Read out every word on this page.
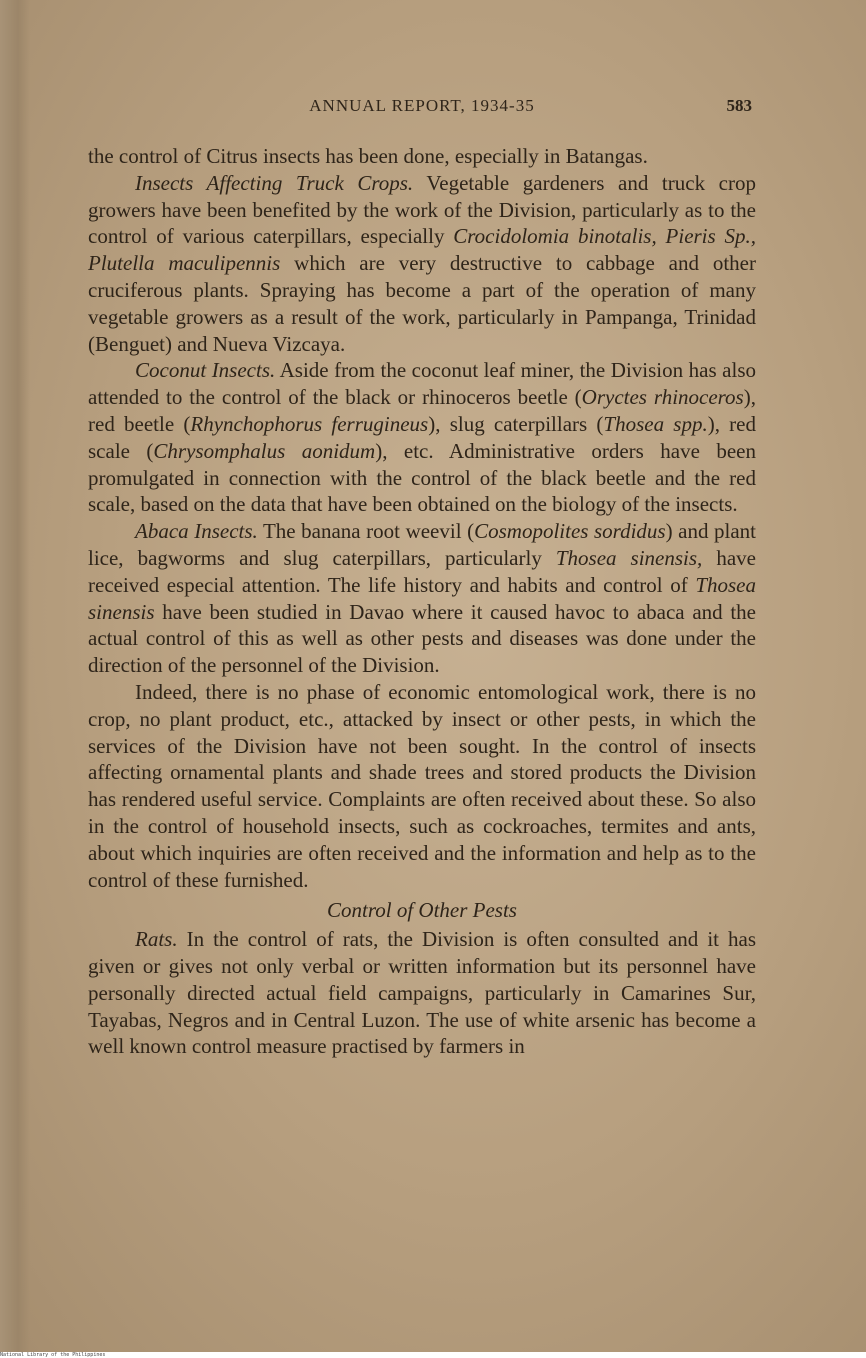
ANNUAL REPORT, 1934-35	583

the control of Citrus insects has been done, especially in Batangas.

Insects Affecting Truck Crops. Vegetable gardeners and truck crop growers have been benefited by the work of the Division, particularly as to the control of various caterpillars, especially Crocidolomia binotalis, Pieris Sp., Plutella maculipennis which are very destructive to cabbage and other cruciferous plants. Spraying has become a part of the operation of many vegetable growers as a result of the work, particularly in Pampanga, Trinidad (Benguet) and Nueva Vizcaya.

Coconut Insects. Aside from the coconut leaf miner, the Division has also attended to the control of the black or rhinoceros beetle (Oryctes rhinoceros), red beetle (Rhynchophorus ferrugineus), slug caterpillars (Thosea spp.), red scale (Chrysomphalus aonidum), etc. Administrative orders have been promulgated in connection with the control of the black beetle and the red scale, based on the data that have been obtained on the biology of the insects.

Abaca Insects. The banana root weevil (Cosmopolites sordidus) and plant lice, bagworms and slug caterpillars, particularly Thosea sinensis, have received especial attention. The life history and habits and control of Thosea sinensis have been studied in Davao where it caused havoc to abaca and the actual control of this as well as other pests and diseases was done under the direction of the personnel of the Division.

Indeed, there is no phase of economic entomological work, there is no crop, no plant product, etc., attacked by insect or other pests, in which the services of the Division have not been sought. In the control of insects affecting ornamental plants and shade trees and stored products the Division has rendered useful service. Complaints are often received about these. So also in the control of household insects, such as cockroaches, termites and ants, about which inquiries are often received and the information and help as to the control of these furnished.

Control of Other Pests

Rats. In the control of rats, the Division is often consulted and it has given or gives not only verbal or written information but its personnel have personally directed actual field campaigns, particularly in Camarines Sur, Tayabas, Negros and in Central Luzon. The use of white arsenic has become a well known control measure practised by farmers in

National Library of the Philippines
